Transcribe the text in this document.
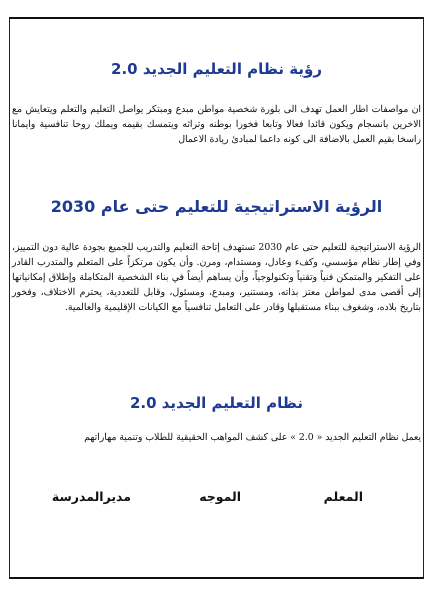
رؤية نظام التعليم الجديد 2.0
ان مواصفات اطار العمل تهدف الى بلورة شخصية مواطن مبدع ومبتكر يواصل التعليم والتعلم ويتعايش مع الاخرين بانسجام ويكون قائدا فعالا وتابعا فخورا بوطنه وتراثه ويتمسك بقيمه ويملك روحا تنافسية وايمانا راسخا بقيم العمل بالاضافة الى كونه داعما لمبادئ ريادة الاعمال
الرؤية الاستراتيجية للتعليم حتى عام 2030
الرؤية الاستراتيجية للتعليم حتى عام 2030 تستهدف إتاحة التعليم والتدريب للجميع بجودة عالية دون التمييز، وفي إطار نظام مؤسسي، وكفء وعادل، ومستدام، ومرن. وأن يكون مرتكزاً على المتعلم والمتدرب القادر على التفكير والمتمكن فنياً وتقنياً وتكنولوجياً، وأن يساهم أيضاً في بناء الشخصية المتكاملة وإطلاق إمكانياتها إلى أقصى مدى لمواطن معتز بذاته، ومستنير، ومبدع، ومسئول، وقابل للتعددية، يحترم الاختلاف، وفخور بتاريخ بلاده، وشغوف ببناء مستقبلها وقادر على التعامل تنافسياً مع الكيانات الإقليمية والعالمية.
نظام التعليم الجديد 2.0
يعمل نظام التعليم الجديد « 2.0 » على كشف المواهب الحقيقية للطلاب وتنمية مهاراتهم
المعلم
الموجه
مديرالمدرسة
